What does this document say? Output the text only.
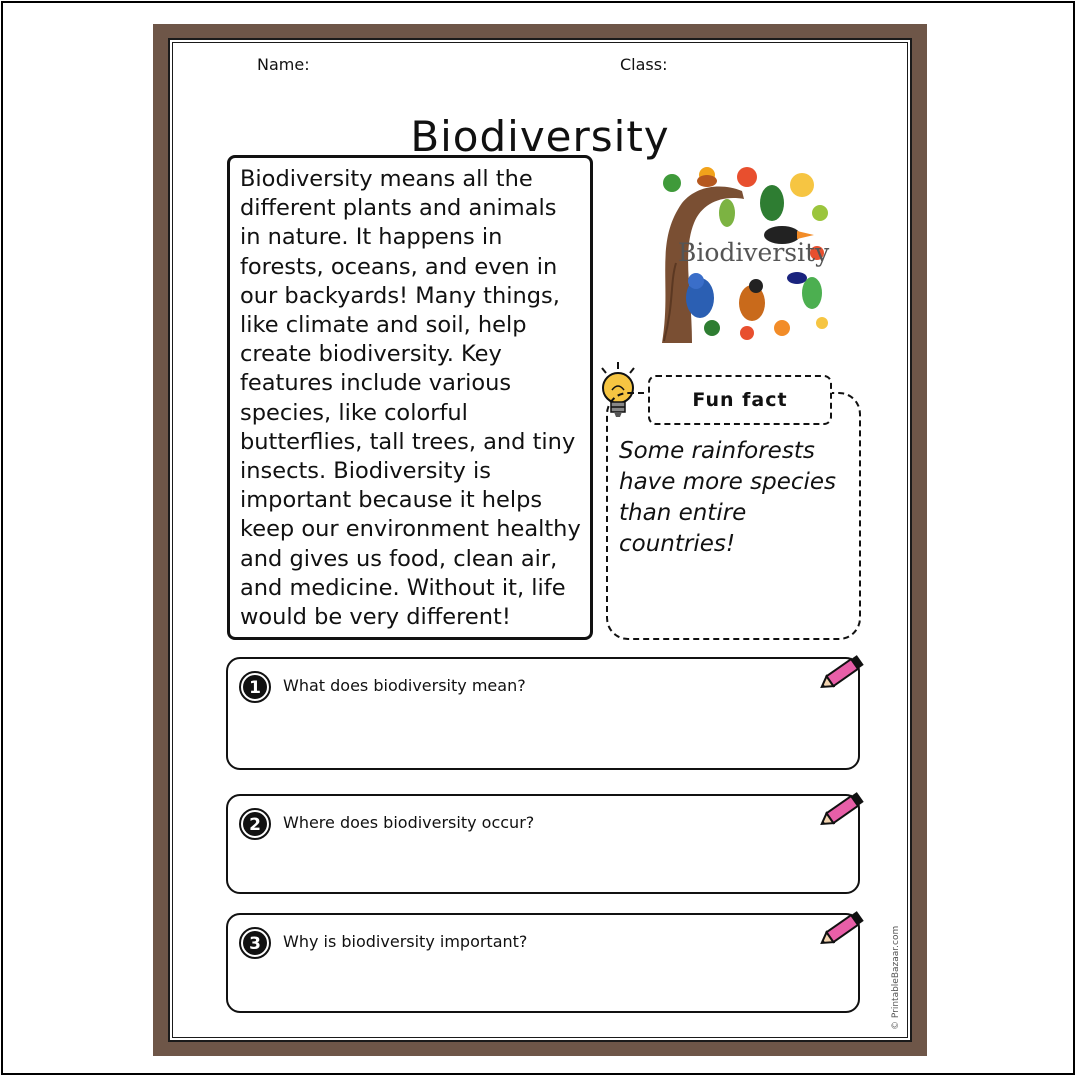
Name:	Class:
Biodiversity

Biodiversity means all the different plants and animals in nature. It happens in forests, oceans, and even in our backyards! Many things, like climate and soil, help create biodiversity. Key features include various species, like colorful butterflies, tall trees, and tiny insects. Biodiversity is important because it helps keep our environment healthy and gives us food, clean air, and medicine. Without it, life would be very different!

Biodiversity
Fun fact

Some rainforests have more species than entire countries!

1 What does biodiversity mean?
2 Where does biodiversity occur?
3 Why is biodiversity important?	© PrintableBazaar.com
